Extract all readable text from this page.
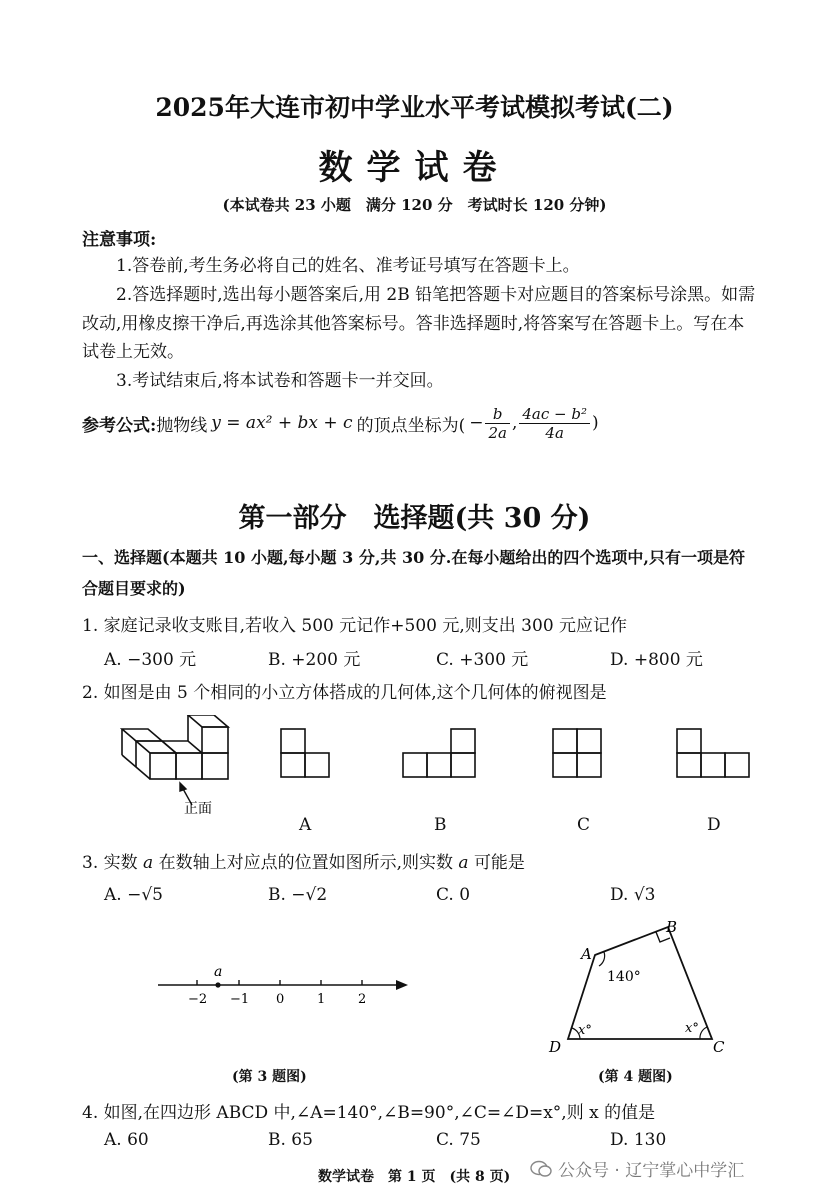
2025年大连市初中学业水平考试模拟考试(二)
数学试卷
(本试卷共 23 小题　满分 120 分　考试时长 120 分钟)
注意事项:
1.答卷前,考生务必将自己的姓名、准考证号填写在答题卡上。
2.答选择题时,选出每小题答案后,用 2B 铅笔把答题卡对应题目的答案标号涂黑。如需
改动,用橡皮擦干净后,再选涂其他答案标号。答非选择题时,将答案写在答题卡上。写在本
试卷上无效。
3.考试结束后,将本试卷和答题卡一并交回。
参考公式: 抛物线 y = ax² + bx + c 的顶点坐标为( − $\frac{b}{2a}$ , $\frac{\text{4ac − b²}}{4a}$ )
第一部分　选择题(共 30 分)
一、选择题(本题共 10 小题,每小题 3 分,共 30 分.在每小题给出的四个选项中,只有一项是符
合题目要求的)
1. 家庭记录收支账目,若收入 500 元记作+500 元,则支出 300 元应记作
A. −300 元	B. +200 元	C. +300 元	D. +800 元
2. 如图是由 5 个相同的小立方体搭成的几何体,这个几何体的俯视图是
正面
A	B	C	D
3. 实数 a 在数轴上对应点的位置如图所示,则实数 a 可能是
A. −√5	B. −√2	C. 0	D. √3
a
−2 −1 0	1	2
(第 3 题图)
A
B
C
D
140°
x°	x°
(第 4 题图)
4. 如图,在四边形 ABCD 中,∠A=140°,∠B=90°,∠C=∠D=x°,则 x 的值是
A. 60	B. 65	C. 75	D. 130
数学试卷　第 1 页　(共 8 页)	公众号 · 辽宁掌心中学汇
